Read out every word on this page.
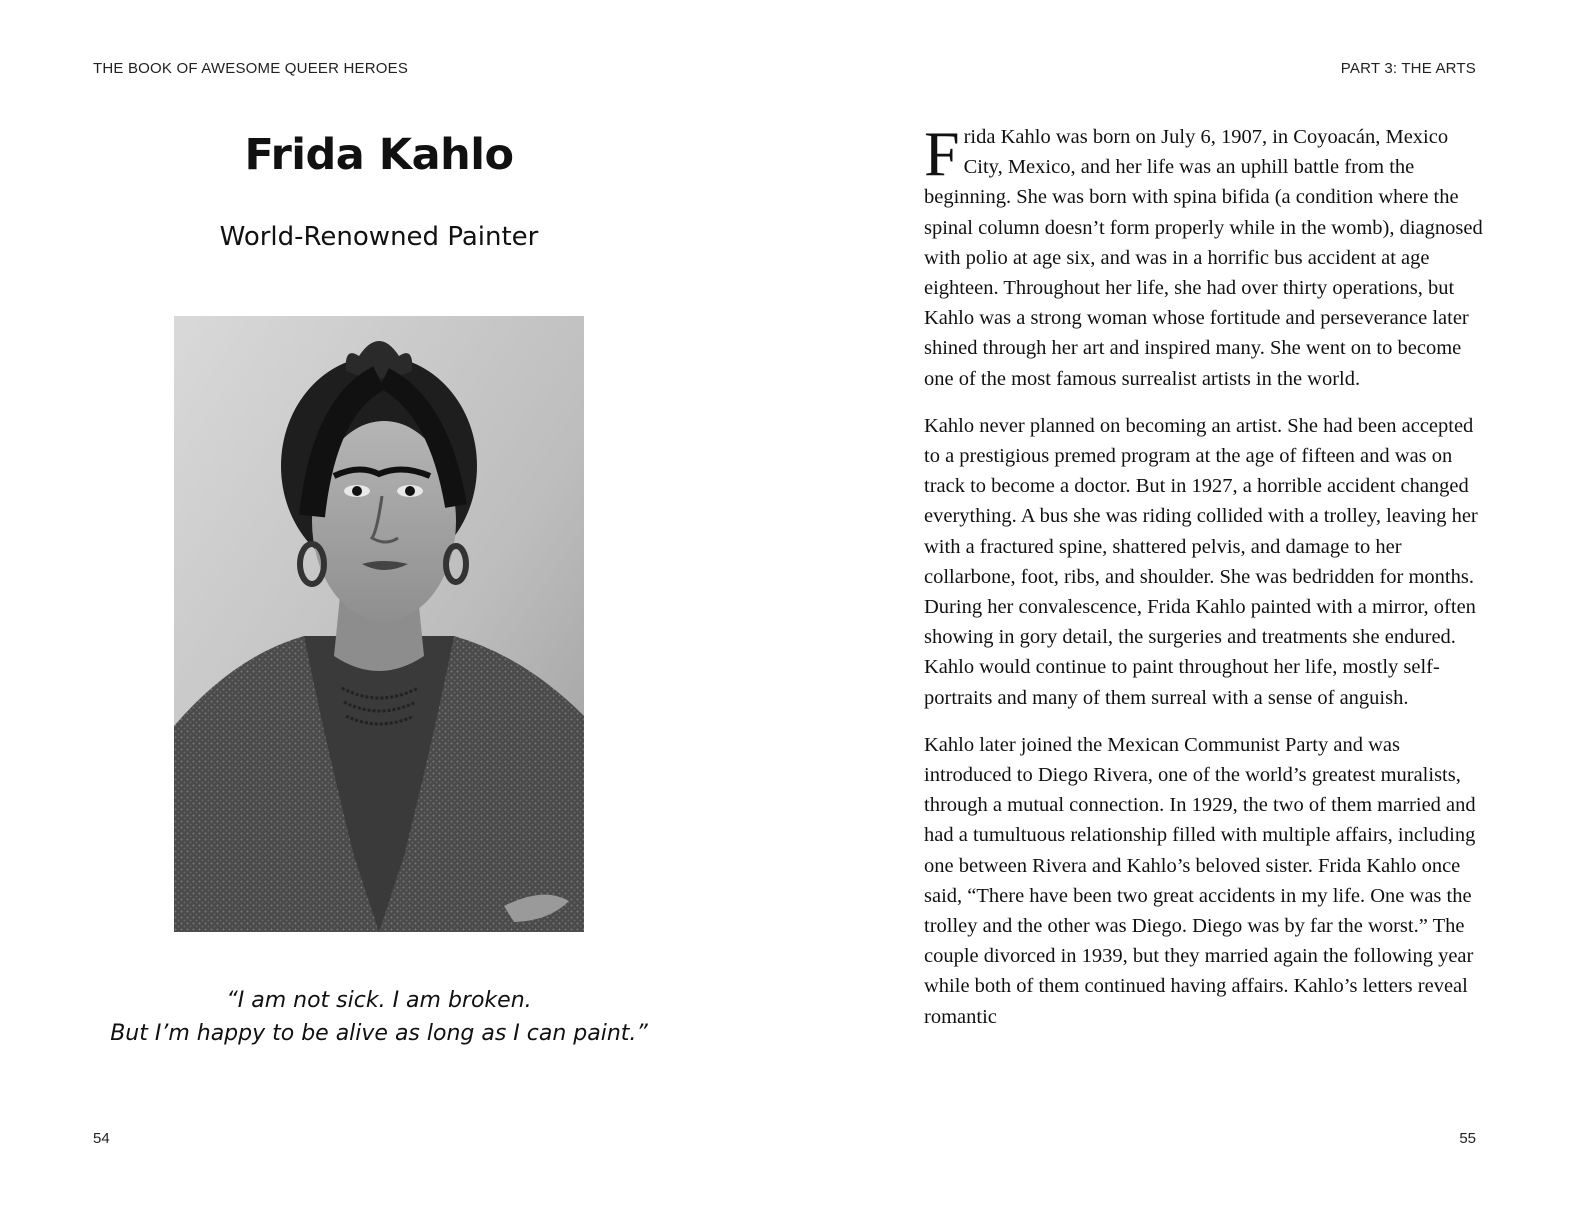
THE BOOK OF AWESOME QUEER HEROES
Frida Kahlo
World-Renowned Painter
“I am not sick. I am broken.
But I’m happy to be alive as long as I can paint.”
54
PART 3: THE ARTS

Frida Kahlo was born on July 6, 1907, in Coyoacán, Mexico City, Mexico, and her life was an uphill battle from the beginning. She was born with spina bifida (a condition where the spinal column doesn’t form properly while in the womb), diagnosed with polio at age six, and was in a horrific bus accident at age eighteen. Throughout her life, she had over thirty operations, but Kahlo was a strong woman whose fortitude and perseverance later shined through her art and inspired many. She went on to become one of the most famous surrealist artists in the world.

Kahlo never planned on becoming an artist. She had been accepted to a prestigious premed program at the age of fifteen and was on track to become a doctor. But in 1927, a horrible accident changed everything. A bus she was riding collided with a trolley, leaving her with a fractured spine, shattered pelvis, and damage to her collarbone, foot, ribs, and shoulder. She was bedridden for months. During her convalescence, Frida Kahlo painted with a mirror, often showing in gory detail, the surgeries and treatments she endured. Kahlo would continue to paint throughout her life, mostly self-portraits and many of them surreal with a sense of anguish.

Kahlo later joined the Mexican Communist Party and was introduced to Diego Rivera, one of the world’s greatest muralists, through a mutual connection. In 1929, the two of them married and had a tumultuous relationship filled with multiple affairs, including one between Rivera and Kahlo’s beloved sister. Frida Kahlo once said, “There have been two great accidents in my life. One was the trolley and the other was Diego. Diego was by far the worst.” The couple divorced in 1939, but they married again the following year while both of them continued having affairs. Kahlo’s letters reveal romantic

55
